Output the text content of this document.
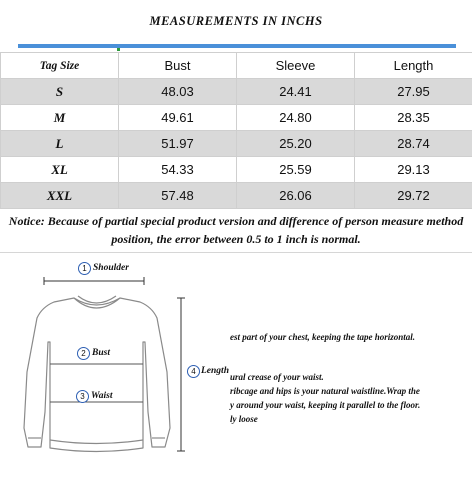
MEASUREMENTS IN INCHS
Tag Size	Bust	Sleeve	Length
S	48.03	24.41	27.95
M	49.61	24.80	28.35
L	51.97	25.20	28.74
XL	54.33	25.59	29.13
XXL	57.48	26.06	29.72
Notice: Because of partial special product version and difference of person measure method position, the error between 0.5 to 1 inch is normal.
1 Shoulder
2 Bust
3 Waist
4 Length
est part of your chest, keeping the tape horizontal.
ural crease of your waist.
ribcage and hips is your natural waistline.Wrap the
y around your waist, keeping it parallel to the floor.
ly loose
